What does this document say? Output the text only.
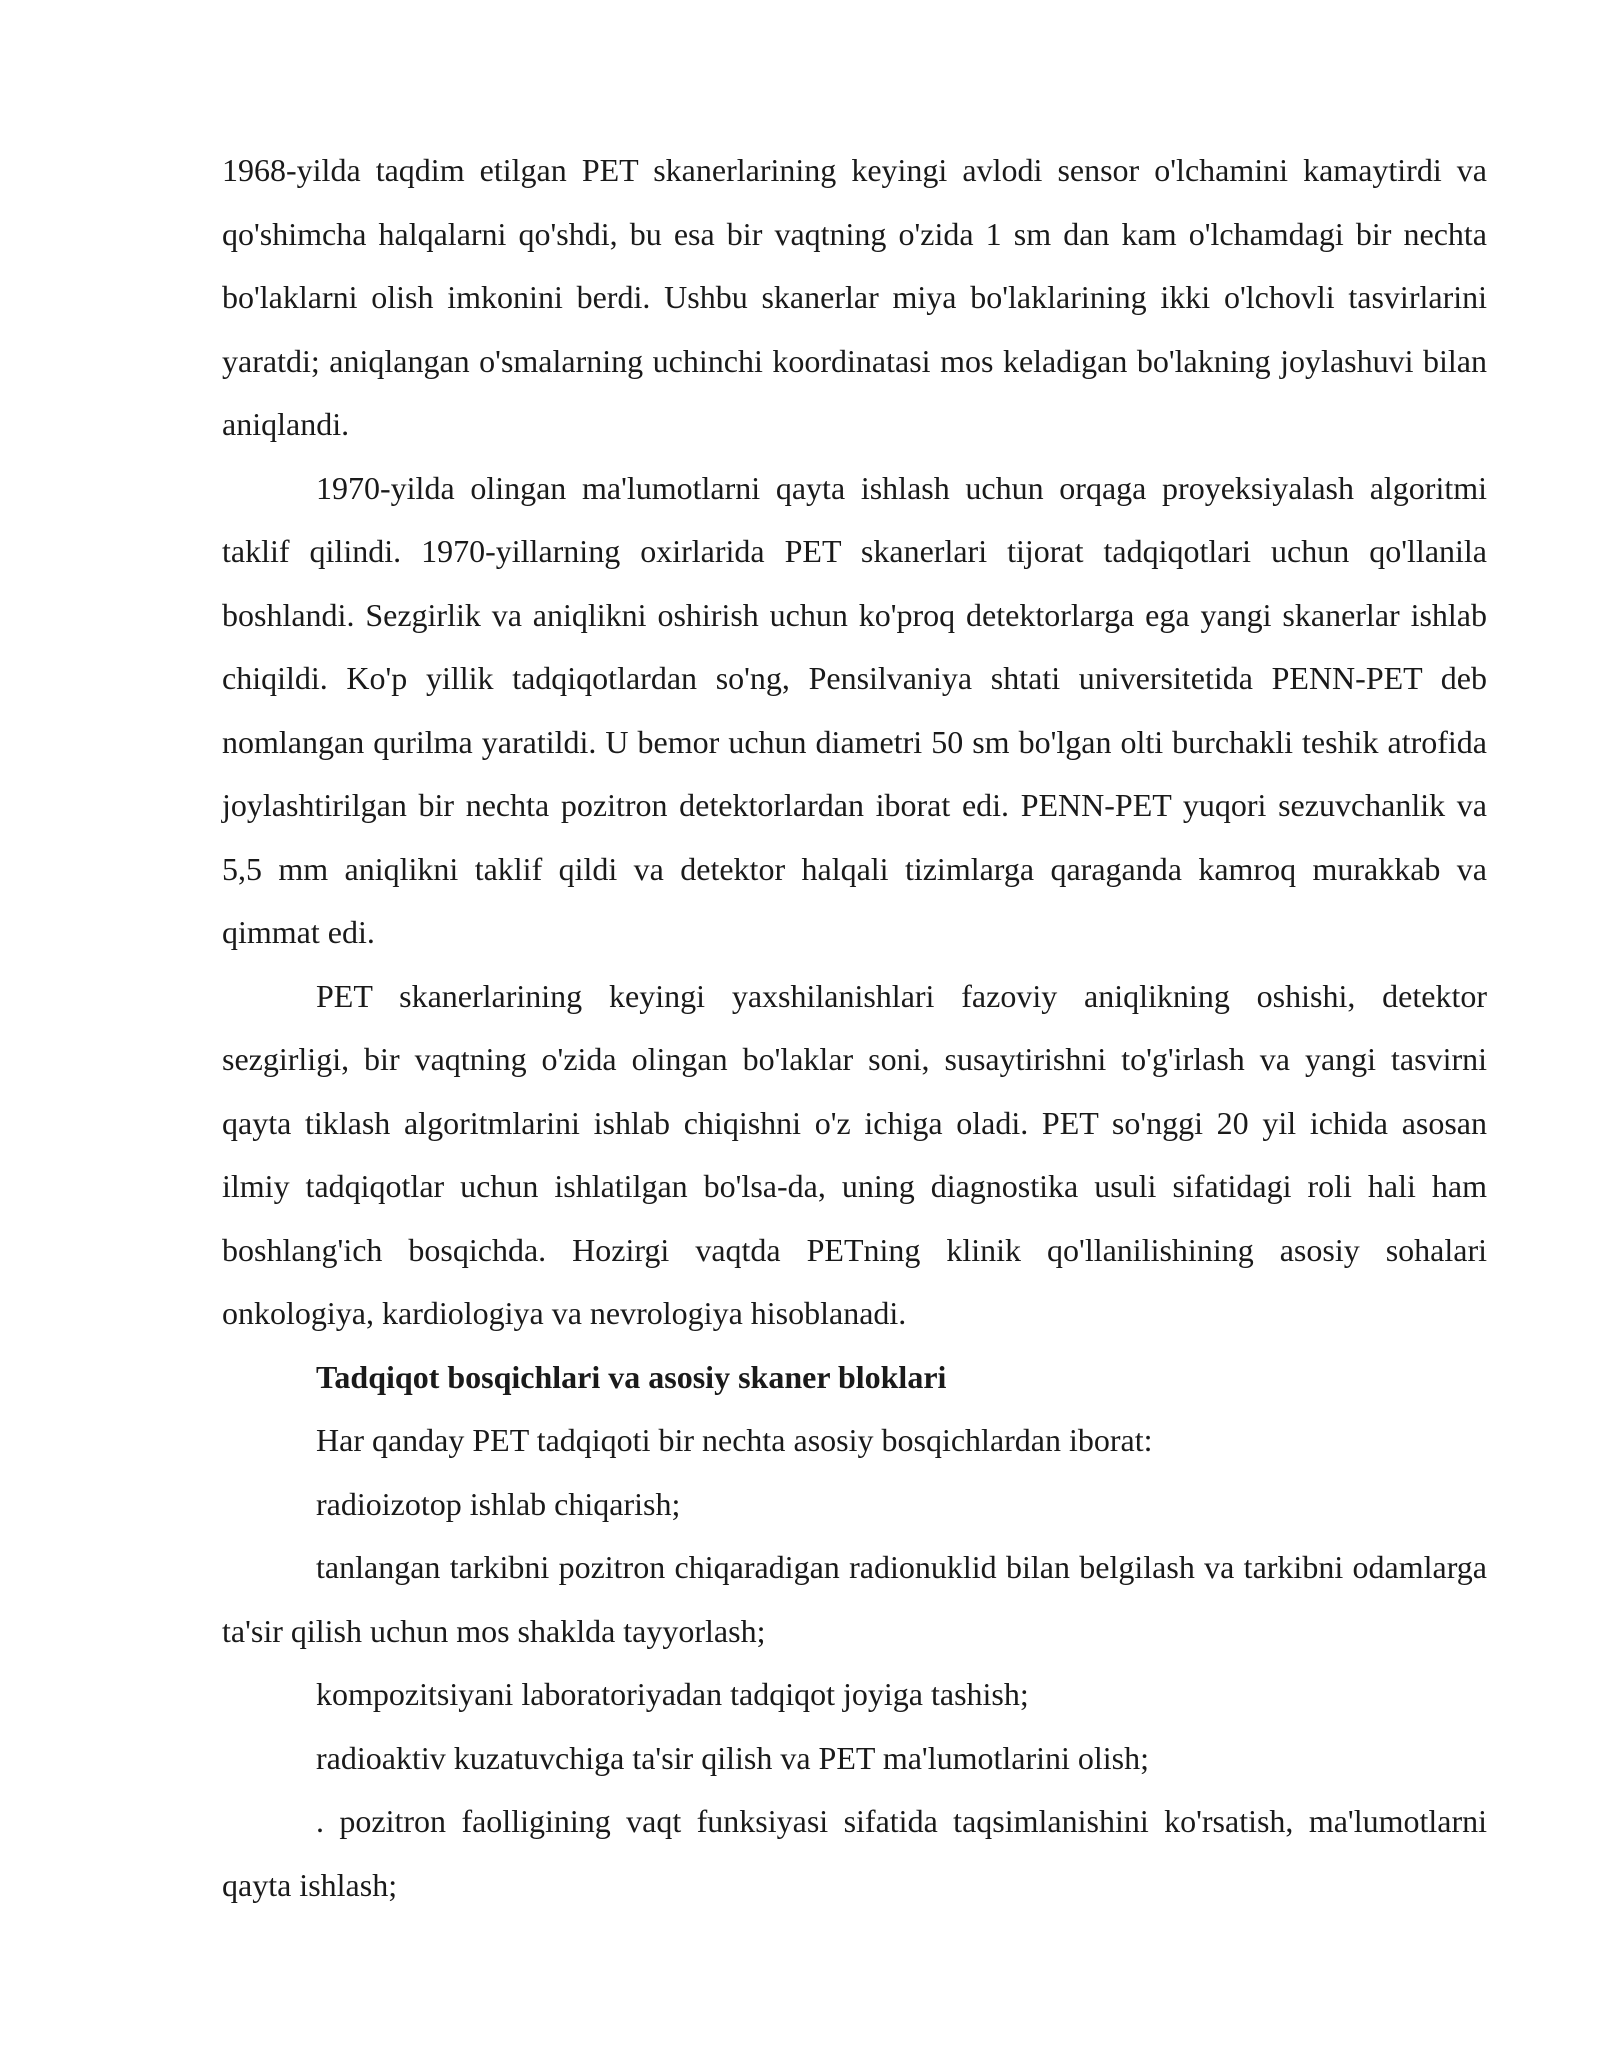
1968-yilda taqdim etilgan PET skanerlarining keyingi avlodi sensor o'lchamini kamaytirdi va qo'shimcha halqalarni qo'shdi, bu esa bir vaqtning o'zida 1 sm dan kam o'lchamdagi bir nechta bo'laklarni olish imkonini berdi. Ushbu skanerlar miya bo'laklarining ikki o'lchovli tasvirlarini yaratdi; aniqlangan o'smalarning uchinchi koordinatasi mos keladigan bo'lakning joylashuvi bilan aniqlandi.

1970-yilda olingan ma'lumotlarni qayta ishlash uchun orqaga proyeksiyalash algoritmi taklif qilindi. 1970-yillarning oxirlarida PET skanerlari tijorat tadqiqotlari uchun qo'llanila boshlandi. Sezgirlik va aniqlikni oshirish uchun ko'proq detektorlarga ega yangi skanerlar ishlab chiqildi. Ko'p yillik tadqiqotlardan so'ng, Pensilvaniya shtati universitetida PENN-PET deb nomlangan qurilma yaratildi. U bemor uchun diametri 50 sm bo'lgan olti burchakli teshik atrofida joylashtirilgan bir nechta pozitron detektorlardan iborat edi. PENN-PET yuqori sezuvchanlik va 5,5 mm aniqlikni taklif qildi va detektor halqali tizimlarga qaraganda kamroq murakkab va qimmat edi.

PET skanerlarining keyingi yaxshilanishlari fazoviy aniqlikning oshishi, detektor sezgirligi, bir vaqtning o'zida olingan bo'laklar soni, susaytirishni to'g'irlash va yangi tasvirni qayta tiklash algoritmlarini ishlab chiqishni o'z ichiga oladi. PET so'nggi 20 yil ichida asosan ilmiy tadqiqotlar uchun ishlatilgan bo'lsa-da, uning diagnostika usuli sifatidagi roli hali ham boshlang'ich bosqichda. Hozirgi vaqtda PETning klinik qo'llanilishining asosiy sohalari onkologiya, kardiologiya va nevrologiya hisoblanadi.

Tadqiqot bosqichlari va asosiy skaner bloklari

Har qanday PET tadqiqoti bir nechta asosiy bosqichlardan iborat:

radioizotop ishlab chiqarish;

tanlangan tarkibni pozitron chiqaradigan radionuklid bilan belgilash va tarkibni odamlarga ta'sir qilish uchun mos shaklda tayyorlash;

kompozitsiyani laboratoriyadan tadqiqot joyiga tashish;

radioaktiv kuzatuvchiga ta'sir qilish va PET ma'lumotlarini olish;

. pozitron faolligining vaqt funksiyasi sifatida taqsimlanishini ko'rsatish, ma'lumotlarni qayta ishlash;
